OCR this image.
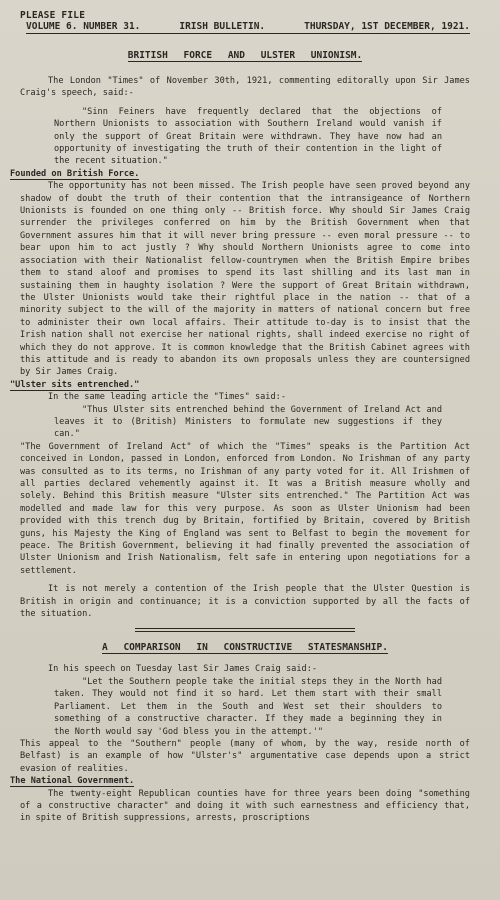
PLEASE FILE
VOLUME 6. NUMBER 31.	IRISH BULLETIN.	THURSDAY, 1ST DECEMBER, 1921.
BRITISH FORCE AND ULSTER UNIONISM.

The London "Times" of November 30th, 1921, commenting editorally upon Sir James Craig's speech, said:-

"Sinn Feiners have frequently declared that the objections of Northern Unionists to association with Southern Ireland would vanish if only the support of Great Britain were withdrawn. They have now had an opportunity of investigating the truth of their contention in the light of the recent situation."

Founded on British Force.

The opportunity has not been missed. The Irish people have seen proved beyond any shadow of doubt the truth of their contention that the intransigeance of Northern Unionists is founded on one thing only -- British force. Why should Sir James Craig surrender the privileges conferred on him by the British Government when that Government assures him that it will never bring pressure -- even moral pressure -- to bear upon him to act justly ? Why should Northern Unionists agree to come into association with their Nationalist fellow-countrymen when the British Empire bribes them to stand aloof and promises to spend its last shilling and its last man in sustaining them in haughty isolation ? Were the support of Great Britain withdrawn, the Ulster Unionists would take their rightful place in the nation -- that of a minority subject to the will of the majority in matters of national concern but free to administer their own local affairs. Their attitude to-day is to insist that the Irish nation shall not exercise her national rights, shall indeed exercise no right of which they do not approve. It is common knowledge that the British Cabinet agrees with this attitude and is ready to abandon its own proposals unless they are countersigned by Sir James Craig.

"Ulster sits entrenched."

In the same leading article the "Times" said:-

"Thus Ulster sits entrenched behind the Government of Ireland Act and leaves it to (British) Ministers to formulate new suggestions if they can."

"The Government of Ireland Act" of which the "Times" speaks is the Partition Act conceived in London, passed in London, enforced from London. No Irishman of any party was consulted as to its terms, no Irishman of any party voted for it. All Irishmen of all parties declared vehemently against it. It was a British measure wholly and solely. Behind this British measure "Ulster sits entrenched." The Partition Act was modelled and made law for this very purpose. As soon as Ulster Unionism had been provided with this trench dug by Britain, fortified by Britain, covered by British guns, his Majesty the King of England was sent to Belfast to begin the movement for peace. The British Government, believing it had finally prevented the association of Ulster Unionism and Irish Nationalism, felt safe in entering upon negotiations for a settlement.

It is not merely a contention of the Irish people that the Ulster Question is British in origin and continuance; it is a conviction supported by all the facts of the situation.

A COMPARISON IN CONSTRUCTIVE STATESMANSHIP.

In his speech on Tuesday last Sir James Craig said:-

"Let the Southern people take the initial steps they in the North had taken. They would not find it so hard. Let them start with their small Parliament. Let them in the South and West set their shoulders to something of a constructive character. If they made a beginning they in the North would say 'God bless you in the attempt.'"

This appeal to the "Southern" people (many of whom, by the way, reside north of Belfast) is an example of how "Ulster's" argumentative case depends upon a strict evasion of realities.

The National Government.

The twenty-eight Republican counties have for three years been doing "something of a constructive character" and doing it with such earnestness and efficiency that, in spite of British suppressions, arrests, proscriptions
